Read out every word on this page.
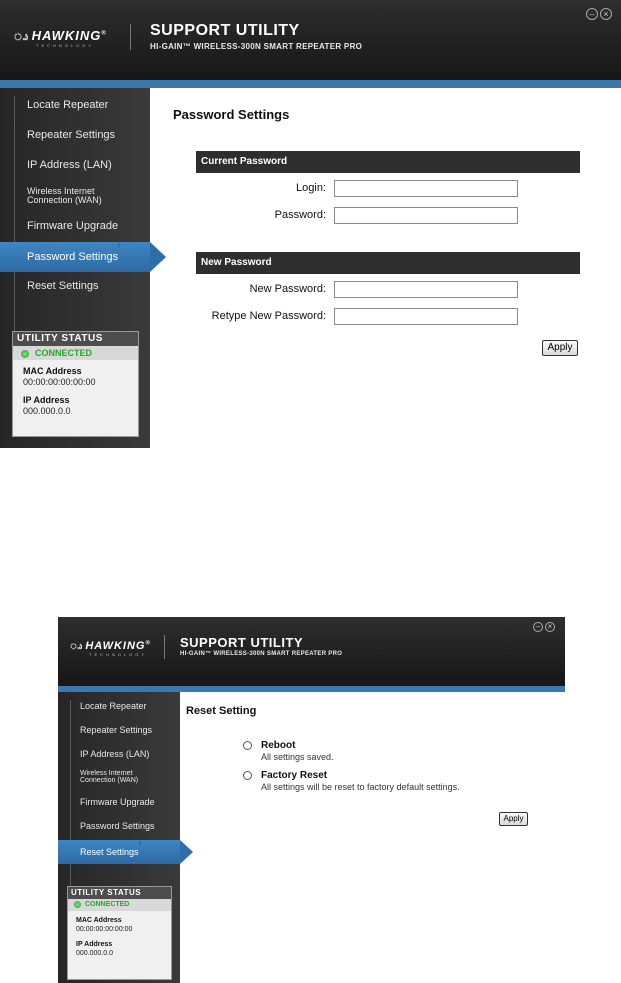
ၗ HAWKING®
TECHNOLOGY
SUPPORT UTILITY
HI-GAIN™ WIRELESS-300N SMART REPEATER PRO
– ×
Locate Repeater
Repeater Settings
IP Address (LAN)
Wireless Internet
Connection (WAN)
Firmware Upgrade
Password Settings
Reset Settings
UTILITY STATUS
CONNECTED
MAC Address
00:00:00:00:00:00
IP Address
000.000.0.0
Password Settings
Current Password
Login:
Password:
New Password
New Password:
Retype New Password:
Apply
ၗ HAWKING®
TECHNOLOGY
SUPPORT UTILITY
HI-GAIN™ WIRELESS-300N SMART REPEATER PRO
– ×
Locate Repeater
Repeater Settings
IP Address (LAN)
Wireless Internet
Connection (WAN)
Firmware Upgrade
Password Settings
Reset Settings
UTILITY STATUS
CONNECTED
MAC Address
00:00:00:00:00:00
IP Address
000.000.0.0
Reset Setting
Reboot
All settings saved.
Factory Reset
All settings will be reset to factory default settings.
Apply
